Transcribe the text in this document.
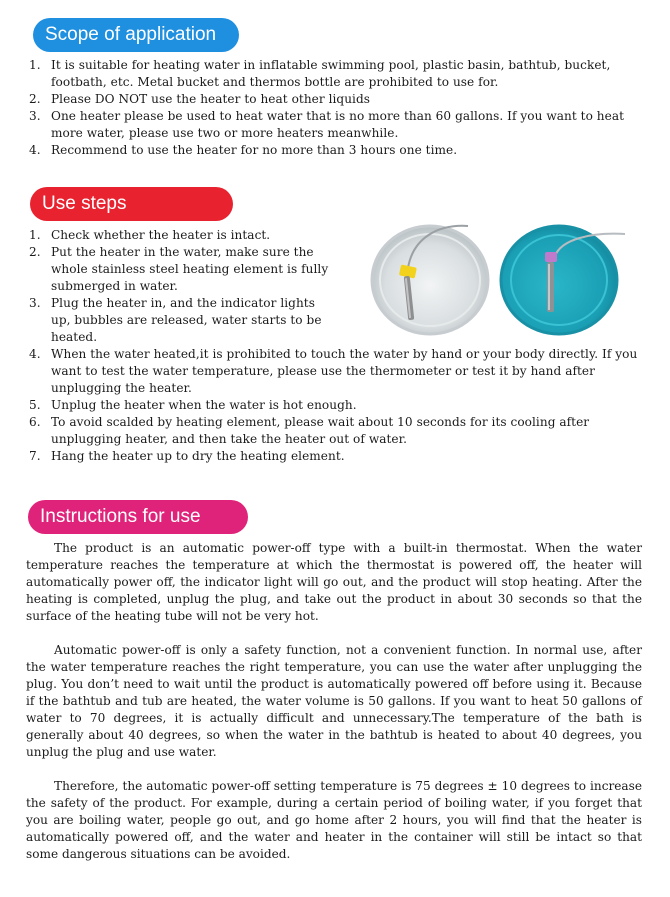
Scope of application
1. It is suitable for heating water in inflatable swimming pool, plastic basin, bathtub, bucket, footbath, etc. Metal bucket and thermos bottle are prohibited to use for.
2. Please DO NOT use the heater to heat other liquids
3. One heater please be used to heat water that is no more than 60 gallons. If you want to heat more water, please use two or more heaters meanwhile.
4. Recommend to use the heater for no more than 3 hours one time.
Use steps
1. Check whether the heater is intact.
2. Put the heater in the water, make sure the whole stainless steel heating element is fully submerged in water.
3. Plug the heater in, and the indicator lights up, bubbles are released, water starts to be heated.
4. When the water heated,it is prohibited to touch the water by hand or your body directly. If you want to test the water temperature, please use the thermometer or test it by hand after unplugging the heater.
5. Unplug the heater when the water is hot enough.
6. To avoid scalded by heating element, please wait about 10 seconds for its cooling after unplugging heater, and then take the heater out of water.
7. Hang the heater up to dry the heating element.
Instructions for use

The product is an automatic power-off type with a built-in thermostat. When the water temperature reaches the temperature at which the thermostat is powered off, the heater will automatically power off, the indicator light will go out, and the product will stop heating. After the heating is completed, unplug the plug, and take out the product in about 30 seconds so that the surface of the heating tube will not be very hot.

Automatic power-off is only a safety function, not a convenient function. In normal use, after the water temperature reaches the right temperature, you can use the water after unplugging the plug. You don’t need to wait until the product is automatically powered off before using it. Because if the bathtub and tub are heated, the water volume is 50 gallons. If you want to heat 50 gallons of water to 70 degrees, it is actually difficult and unnecessary.The temperature of the bath is generally about 40 degrees, so when the water in the bathtub is heated to about 40 degrees, you unplug the plug and use water.

Therefore, the automatic power-off setting temperature is 75 degrees ± 10 degrees to increase the safety of the product. For example, during a certain period of boiling water, if you forget that you are boiling water, people go out, and go home after 2 hours, you will find that the heater is automatically powered off, and the water and heater in the container will still be intact so that some dangerous situations can be avoided.
